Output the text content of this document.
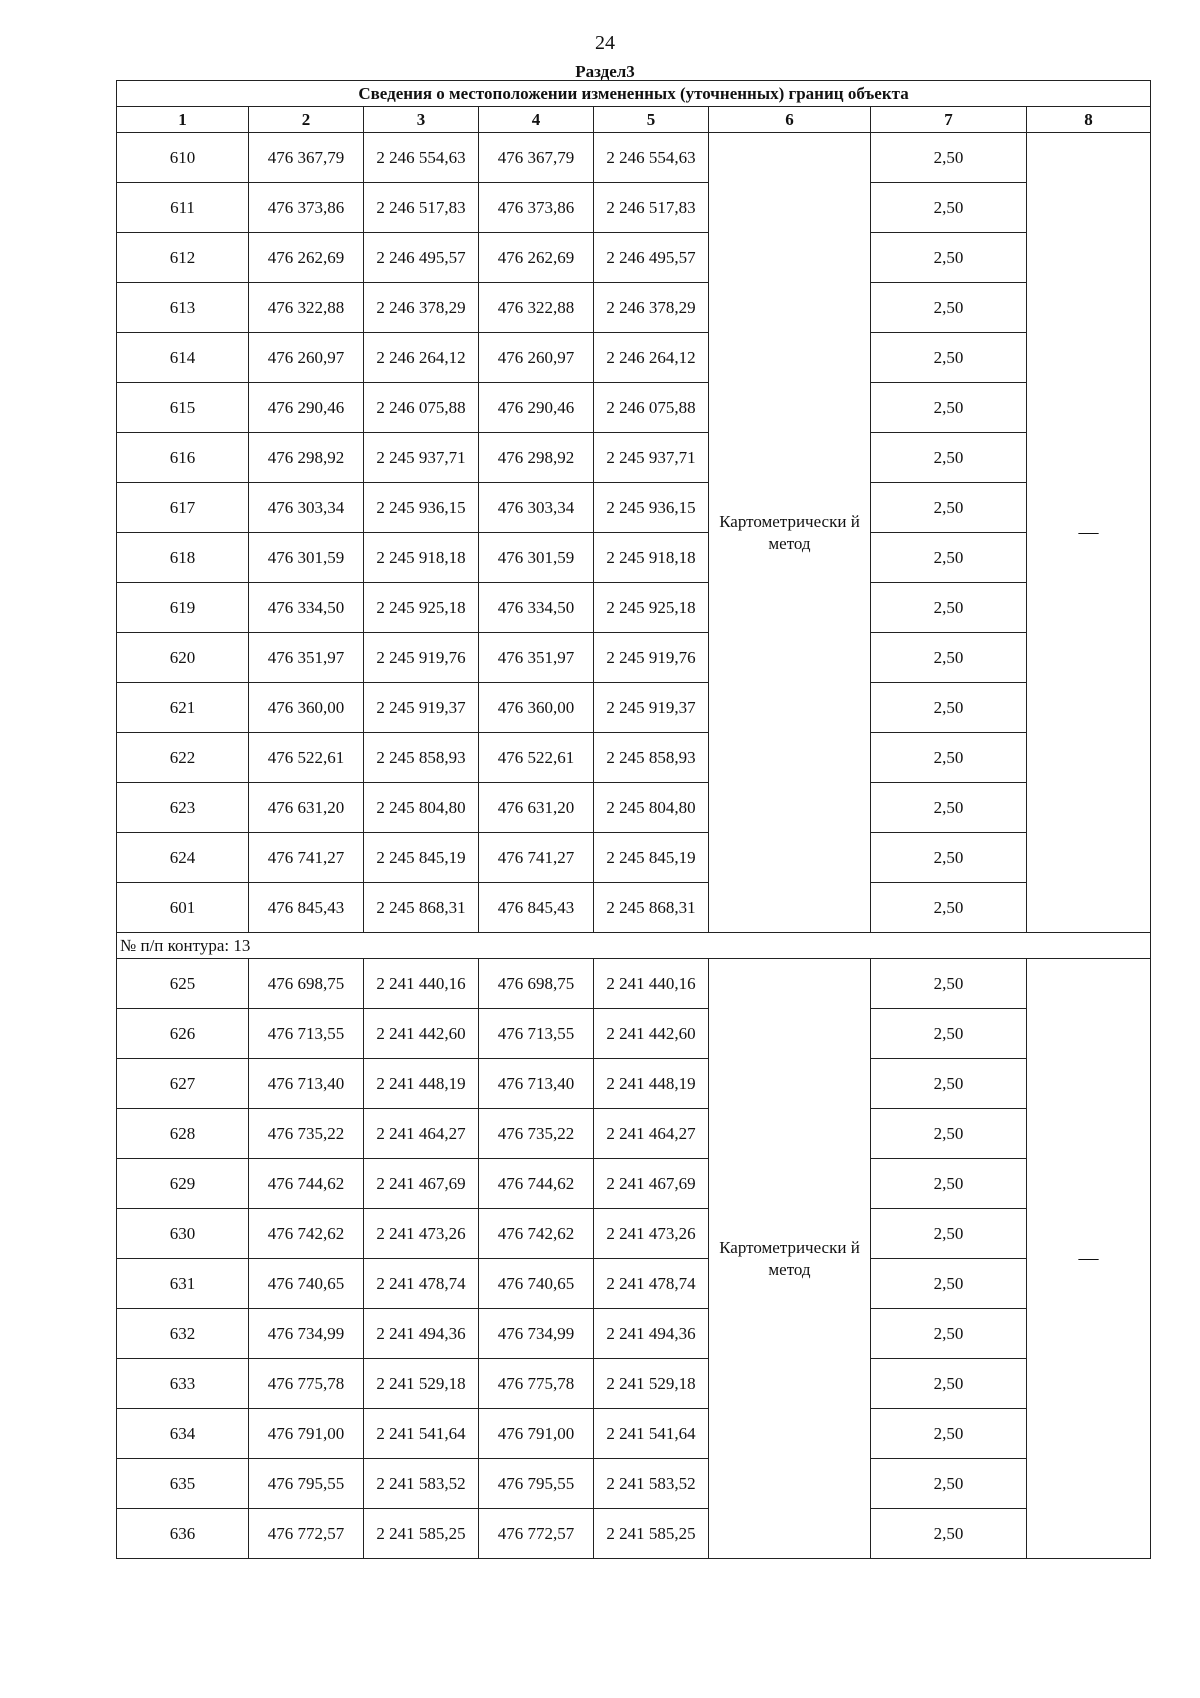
24
Раздел3
Сведения о местоположении измененных (уточненных) границ объекта							
1	2	3	4	5	6	7	8
610	476 367,79	2 246 554,63	476 367,79	2 246 554,63	Картометрически й метод	2,50	—
611	476 373,86	2 246 517,83	476 373,86	2 246 517,83		2,50	
612	476 262,69	2 246 495,57	476 262,69	2 246 495,57		2,50	
613	476 322,88	2 246 378,29	476 322,88	2 246 378,29		2,50	
614	476 260,97	2 246 264,12	476 260,97	2 246 264,12		2,50	
615	476 290,46	2 246 075,88	476 290,46	2 246 075,88		2,50	
616	476 298,92	2 245 937,71	476 298,92	2 245 937,71		2,50	
617	476 303,34	2 245 936,15	476 303,34	2 245 936,15		2,50	
618	476 301,59	2 245 918,18	476 301,59	2 245 918,18		2,50	
619	476 334,50	2 245 925,18	476 334,50	2 245 925,18		2,50	
620	476 351,97	2 245 919,76	476 351,97	2 245 919,76		2,50	
621	476 360,00	2 245 919,37	476 360,00	2 245 919,37		2,50	
622	476 522,61	2 245 858,93	476 522,61	2 245 858,93		2,50	
623	476 631,20	2 245 804,80	476 631,20	2 245 804,80		2,50	
624	476 741,27	2 245 845,19	476 741,27	2 245 845,19		2,50	
601	476 845,43	2 245 868,31	476 845,43	2 245 868,31		2,50	
№ п/п контура: 13							
625	476 698,75	2 241 440,16	476 698,75	2 241 440,16	Картометрически й метод	2,50	—
626	476 713,55	2 241 442,60	476 713,55	2 241 442,60		2,50	
627	476 713,40	2 241 448,19	476 713,40	2 241 448,19		2,50	
628	476 735,22	2 241 464,27	476 735,22	2 241 464,27		2,50	
629	476 744,62	2 241 467,69	476 744,62	2 241 467,69		2,50	
630	476 742,62	2 241 473,26	476 742,62	2 241 473,26		2,50	
631	476 740,65	2 241 478,74	476 740,65	2 241 478,74		2,50	
632	476 734,99	2 241 494,36	476 734,99	2 241 494,36		2,50	
633	476 775,78	2 241 529,18	476 775,78	2 241 529,18		2,50	
634	476 791,00	2 241 541,64	476 791,00	2 241 541,64		2,50	
635	476 795,55	2 241 583,52	476 795,55	2 241 583,52		2,50	
636	476 772,57	2 241 585,25	476 772,57	2 241 585,25		2,50	
